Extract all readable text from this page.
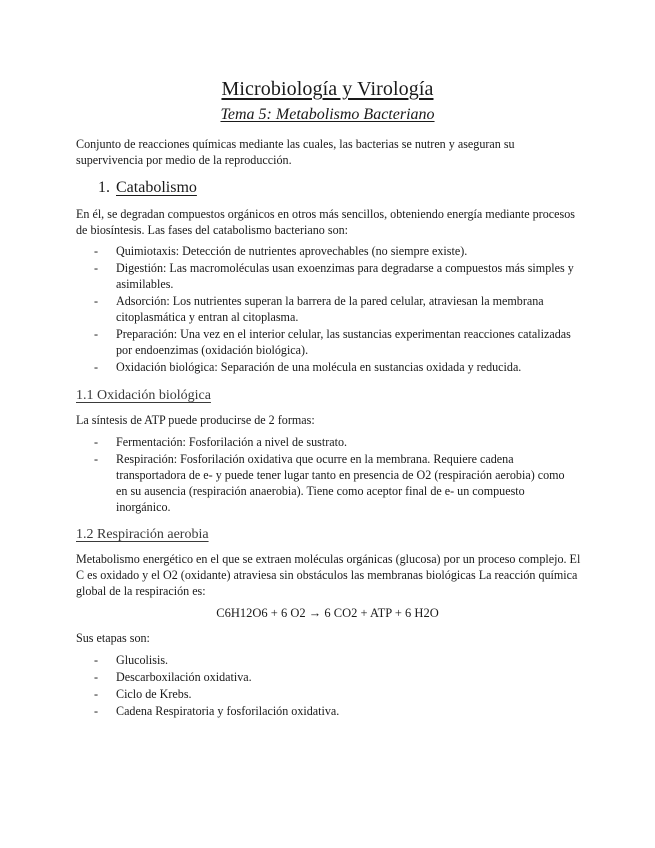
Microbiología y Virología
Tema 5: Metabolismo Bacteriano
Conjunto de reacciones químicas mediante las cuales, las bacterias se nutren y aseguran su supervivencia por medio de la reproducción.
1. Catabolismo
En él, se degradan compuestos orgánicos en otros más sencillos, obteniendo energía mediante procesos de biosíntesis. Las fases del catabolismo bacteriano son:
- Quimiotaxis: Detección de nutrientes aprovechables (no siempre existe).
- Digestión: Las macromoléculas usan exoenzimas para degradarse a compuestos más simples y asimilables.
- Adsorción: Los nutrientes superan la barrera de la pared celular, atraviesan la membrana citoplasmática y entran al citoplasma.
- Preparación: Una vez en el interior celular, las sustancias experimentan reacciones catalizadas por endoenzimas (oxidación biológica).
- Oxidación biológica: Separación de una molécula en sustancias oxidada y reducida.
1.1 Oxidación biológica
La síntesis de ATP puede producirse de 2 formas:
- Fermentación: Fosforilación a nivel de sustrato.
- Respiración: Fosforilación oxidativa que ocurre en la membrana. Requiere cadena transportadora de e- y puede tener lugar tanto en presencia de O2 (respiración aerobia) como en su ausencia (respiración anaerobia). Tiene como aceptor final de e- un compuesto inorgánico.
1.2 Respiración aerobia
Metabolismo energético en el que se extraen moléculas orgánicas (glucosa) por un proceso complejo. El C es oxidado y el O2 (oxidante) atraviesa sin obstáculos las membranas biológicas La reacción química global de la respiración es:
C6H12O6 + 6 O2 → 6 CO2 + ATP + 6 H2O
Sus etapas son:
- Glucolisis.
- Descarboxilación oxidativa.
- Ciclo de Krebs.
- Cadena Respiratoria y fosforilación oxidativa.
